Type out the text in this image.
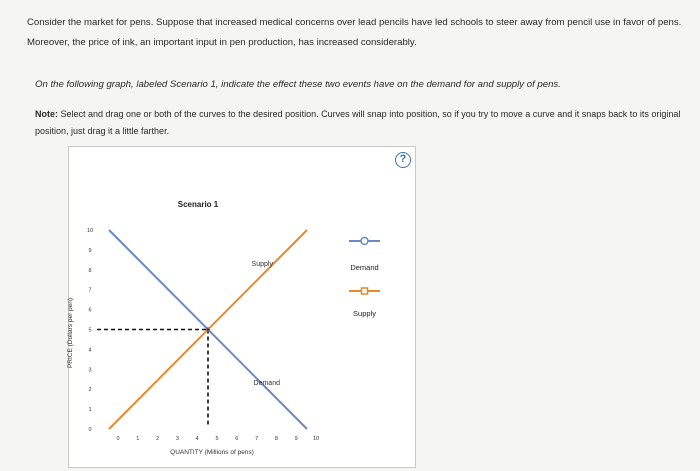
Consider the market for pens. Suppose that increased medical concerns over lead pencils have led schools to steer away from pencil use in favor of pens. Moreover, the price of ink, an important input in pen production, has increased considerably.
On the following graph, labeled Scenario 1, indicate the effect these two events have on the demand for and supply of pens.
Note: Select and drag one or both of the curves to the desired position. Curves will snap into position, so if you try to move a curve and it snaps back to its original position, just drag it a little farther.
?
Scenario 1
PRICE (Dollars per pen)
QUANTITY (Millions of pens)
0
1
2
3
4
5
6
7
8
9
10
0	1	2	3	4	5	6	7	8	9	10
+
Supply
Demand
Demand
Supply
